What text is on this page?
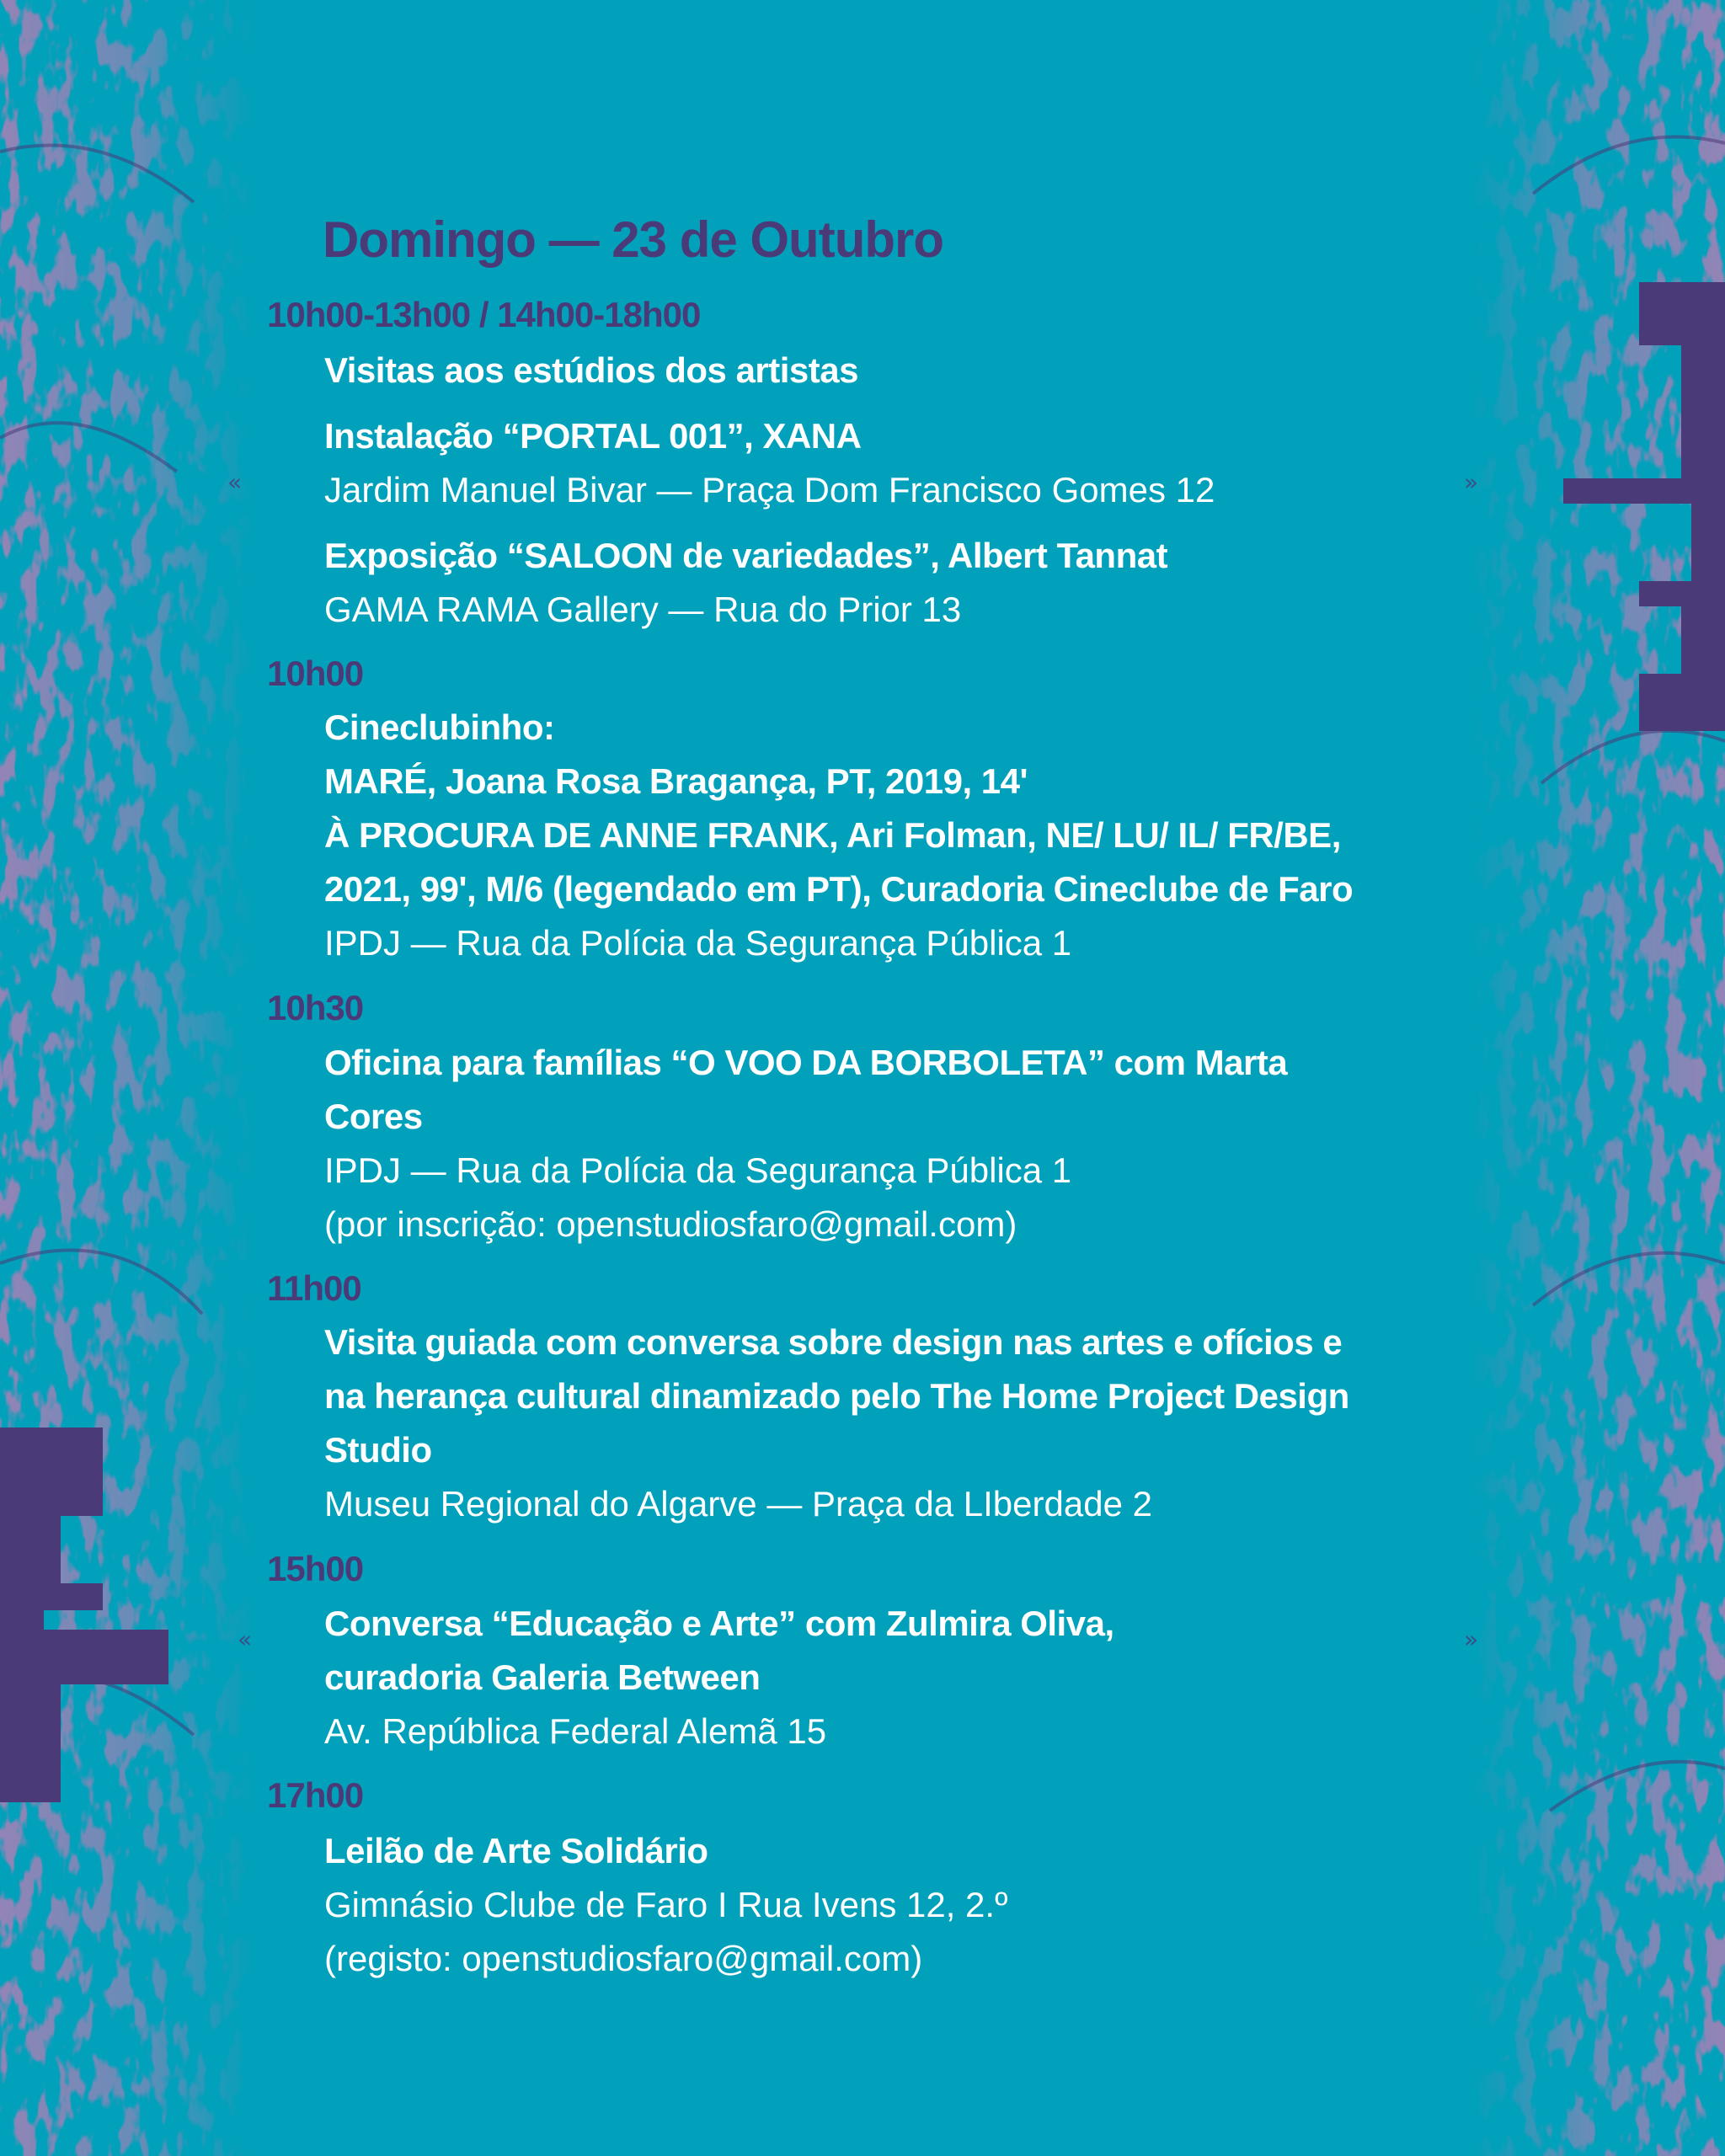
«	»
«	»
Domingo — 23 de Outubro
10h00-13h00 / 14h00-18h00
Visitas aos estúdios dos artistas
Instalação “PORTAL 001”, XANA
Jardim Manuel Bivar — Praça Dom Francisco Gomes 12
Exposição “SALOON de variedades”, Albert Tannat
GAMA RAMA Gallery — Rua do Prior 13
10h00
Cineclubinho:
MARÉ, Joana Rosa Bragança, PT, 2019, 14'
À PROCURA DE ANNE FRANK, Ari Folman, NE/ LU/ IL/ FR/BE,
2021, 99', M/6 (legendado em PT), Curadoria Cineclube de Faro
IPDJ — Rua da Polícia da Segurança Pública 1
10h30
Oficina para famílias “O VOO DA BORBOLETA” com Marta
Cores
IPDJ — Rua da Polícia da Segurança Pública 1
(por inscrição: openstudiosfaro@gmail.com)
11h00
Visita guiada com conversa sobre design nas artes e ofícios e
na herança cultural dinamizado pelo The Home Project Design
Studio
Museu Regional do Algarve — Praça da LIberdade 2
15h00
Conversa “Educação e Arte” com Zulmira Oliva,
curadoria Galeria Between
Av. República Federal Alemã 15
17h00
Leilão de Arte Solidário
Gimnásio Clube de Faro I Rua Ivens 12, 2.º
(registo: openstudiosfaro@gmail.com)
